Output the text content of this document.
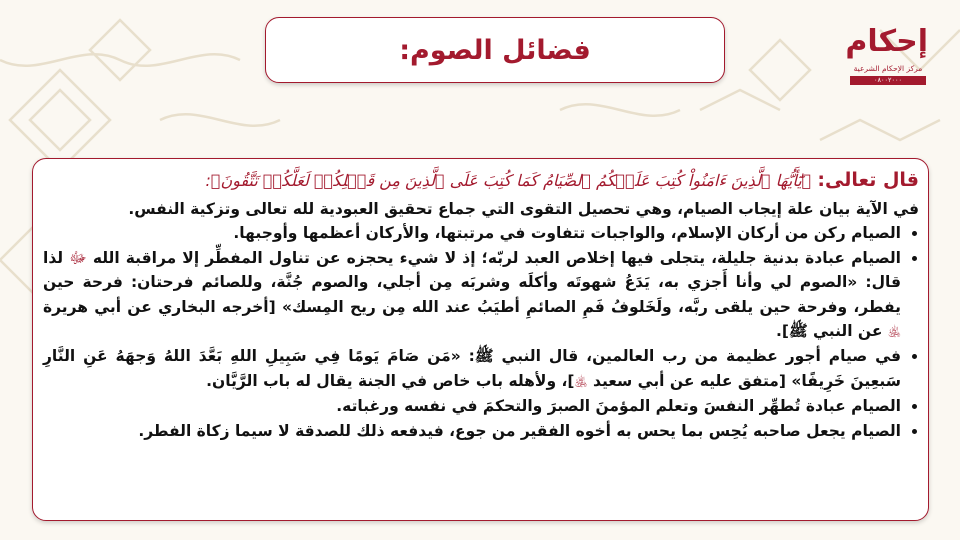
فضائل الصوم:	إحكام
مركز الإحكام الشرعية
٠٨٠٠٢٠٠٠
قال تعالى: ﴿يَٰٓأَيُّهَا ٱلَّذِينَ ءَامَنُواْ كُتِبَ عَلَيۡكُمُ ٱلصِّيَامُ كَمَا كُتِبَ عَلَى ٱلَّذِينَ مِن قَبۡلِكُمۡ لَعَلَّكُمۡ تَتَّقُونَ﴾:

في الآية بيان علة إيجاب الصيام، وهي تحصيل التقوى التي جماع تحقيق العبودية لله تعالى وتزكية النفس.

الصيام ركن من أركان الإسلام، والواجبات تتفاوت في مرتبتها، والأركان أعظمها وأوجبها.
الصيام عبادة بدنية جليلة، يتجلى فيها إخلاص العبد لربّه؛ إذ لا شيء يحجزه عن تناول المفطِّر إلا مراقبة الله ﷻ لذا قال: «الصوم لي وأنا أَجزي به، يَدَعُ شهوتَه وأكلَه وشربَه مِن أجلي، والصوم جُنَّة، وللصائم فرحتان: فرحة حين يفطر، وفرحة حين يلقى ربَّه، ولَخَلوفُ فَمِ الصائمِ أطيَبُ عند الله مِن ريح المِسك» [أخرجه البخاري عن أبي هريرة ﵁ عن النبي ﷺ].
في صيام أجور عظيمة من رب العالمين، قال النبي ﷺ: «مَن صَامَ يَومًا فِي سَبِيلِ اللهِ بَعَّدَ اللهُ وَجهَهُ عَنِ النَّارِ سَبعِينَ خَرِيفًا» [متفق عليه عن أبي سعيد ﵁]، ولأهله باب خاص في الجنة يقال له باب الرَّيَّان.
الصيام عبادة تُطهِّر النفسَ وتعلم المؤمنَ الصبرَ والتحكمَ في نفسه ورغباته.
الصيام يجعل صاحبه يُحِس بما يحس به أخوه الفقير من جوع، فيدفعه ذلك للصدقة لا سيما زكاة الفطر.
